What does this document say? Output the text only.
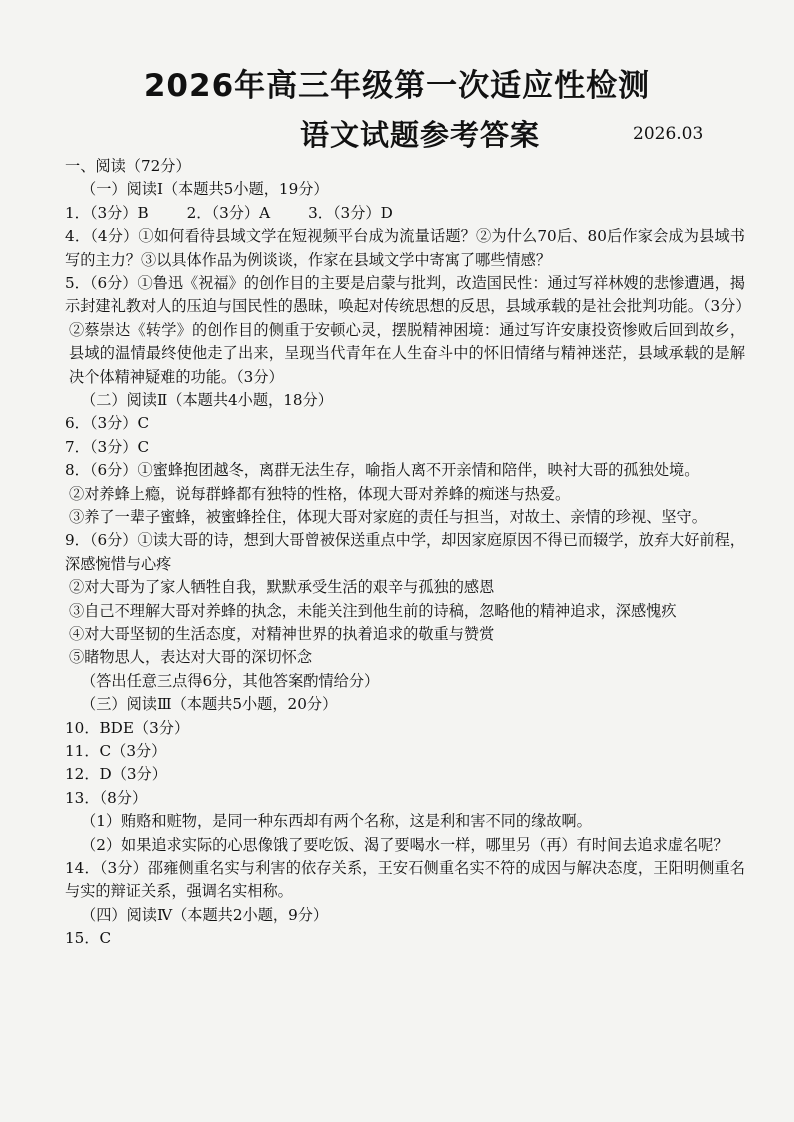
2026年高三年级第一次适应性检测
语文试题参考答案	2026.03
一、阅读（72分）
（一）阅读Ⅰ（本题共5小题，19分）
1．（3分）B	2．（3分）A	3．（3分）D
4．（4分）①如何看待县域文学在短视频平台成为流量话题？②为什么70后、80后作家会成为县域书写的主力？③以具体作品为例谈谈，作家在县域文学中寄寓了哪些情感？
5．（6分）①鲁迅《祝福》的创作目的主要是启蒙与批判，改造国民性：通过写祥林嫂的悲惨遭遇，揭示封建礼教对人的压迫与国民性的愚昧，唤起对传统思想的反思，县域承载的是社会批判功能。（3分）
②蔡崇达《转学》的创作目的侧重于安顿心灵，摆脱精神困境：通过写许安康投资惨败后回到故乡，县域的温情最终使他走了出来，呈现当代青年在人生奋斗中的怀旧情绪与精神迷茫，县域承载的是解决个体精神疑难的功能。（3分）
（二）阅读Ⅱ（本题共4小题，18分）
6．（3分）C
7．（3分）C
8．（6分）①蜜蜂抱团越冬，离群无法生存，喻指人离不开亲情和陪伴，映衬大哥的孤独处境。
②对养蜂上瘾，说每群蜂都有独特的性格，体现大哥对养蜂的痴迷与热爱。
③养了一辈子蜜蜂，被蜜蜂拴住，体现大哥对家庭的责任与担当，对故土、亲情的珍视、坚守。
9．（6分）①读大哥的诗，想到大哥曾被保送重点中学，却因家庭原因不得已而辍学，放弃大好前程，深感惋惜与心疼
②对大哥为了家人牺牲自我，默默承受生活的艰辛与孤独的感恩
③自己不理解大哥对养蜂的执念，未能关注到他生前的诗稿，忽略他的精神追求，深感愧疚
④对大哥坚韧的生活态度，对精神世界的执着追求的敬重与赞赏
⑤睹物思人，表达对大哥的深切怀念
（答出任意三点得6分，其他答案酌情给分）
（三）阅读Ⅲ（本题共5小题，20分）
10．BDE（3分）
11．C（3分）
12．D（3分）
13．（8分）
（1）贿赂和赃物，是同一种东西却有两个名称，这是利和害不同的缘故啊。
（2）如果追求实际的心思像饿了要吃饭、渴了要喝水一样，哪里另（再）有时间去追求虚名呢？
14．（3分）邵雍侧重名实与利害的依存关系，王安石侧重名实不符的成因与解决态度，王阳明侧重名与实的辩证关系，强调名实相称。
（四）阅读Ⅳ（本题共2小题，9分）
15．C
